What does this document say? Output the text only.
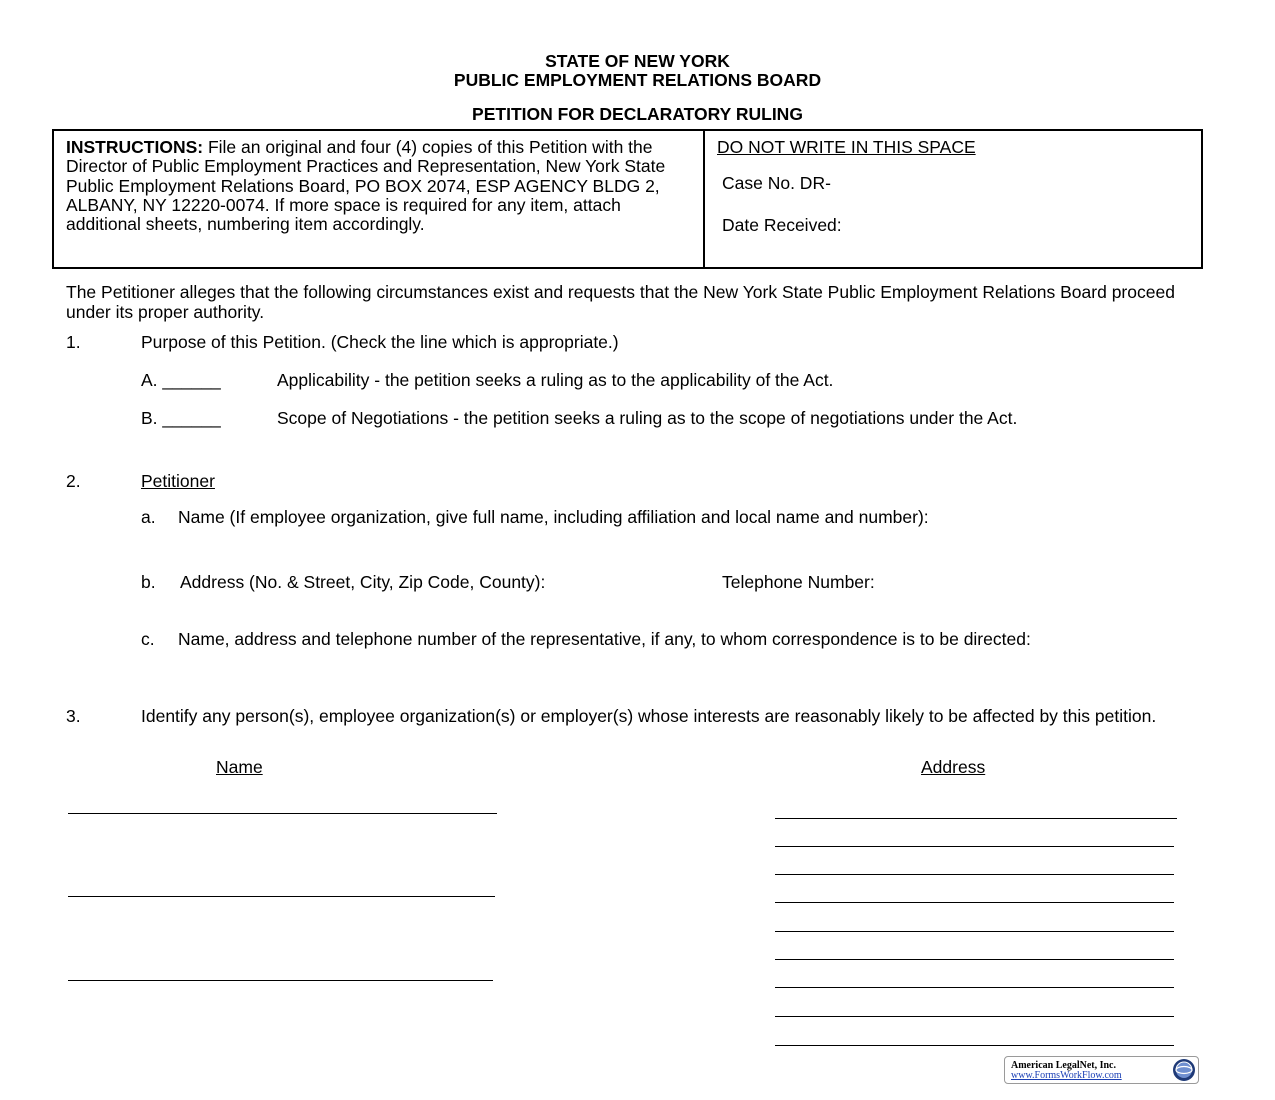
STATE OF NEW YORK
PUBLIC EMPLOYMENT RELATIONS BOARD
PETITION FOR DECLARATORY RULING
INSTRUCTIONS: File an original and four (4) copies of this Petition with the Director of Public Employment Practices and Representation, New York State Public Employment Relations Board, PO BOX 2074, ESP AGENCY BLDG 2, ALBANY, NY 12220-0074. If more space is required for any item, attach additional sheets, numbering item accordingly.
DO NOT WRITE IN THIS SPACE
Case No. DR-
Date Received:
The Petitioner alleges that the following circumstances exist and requests that the New York State Public Employment Relations Board proceed under its proper authority.
1.	Purpose of this Petition. (Check the line which is appropriate.)
A. ______	Applicability - the petition seeks a ruling as to the applicability of the Act.
B. ______	Scope of Negotiations - the petition seeks a ruling as to the scope of negotiations under the Act.
2.	Petitioner
a. Name (If employee organization, give full name, including affiliation and local name and number):
b. Address (No. & Street, City, Zip Code, County):	Telephone Number:
c. Name, address and telephone number of the representative, if any, to whom correspondence is to be directed:
3.	Identify any person(s), employee organization(s) or employer(s) whose interests are reasonably likely to be affected by this petition.
Name	Address
American LegalNet, Inc.
www.FormsWorkFlow.com
